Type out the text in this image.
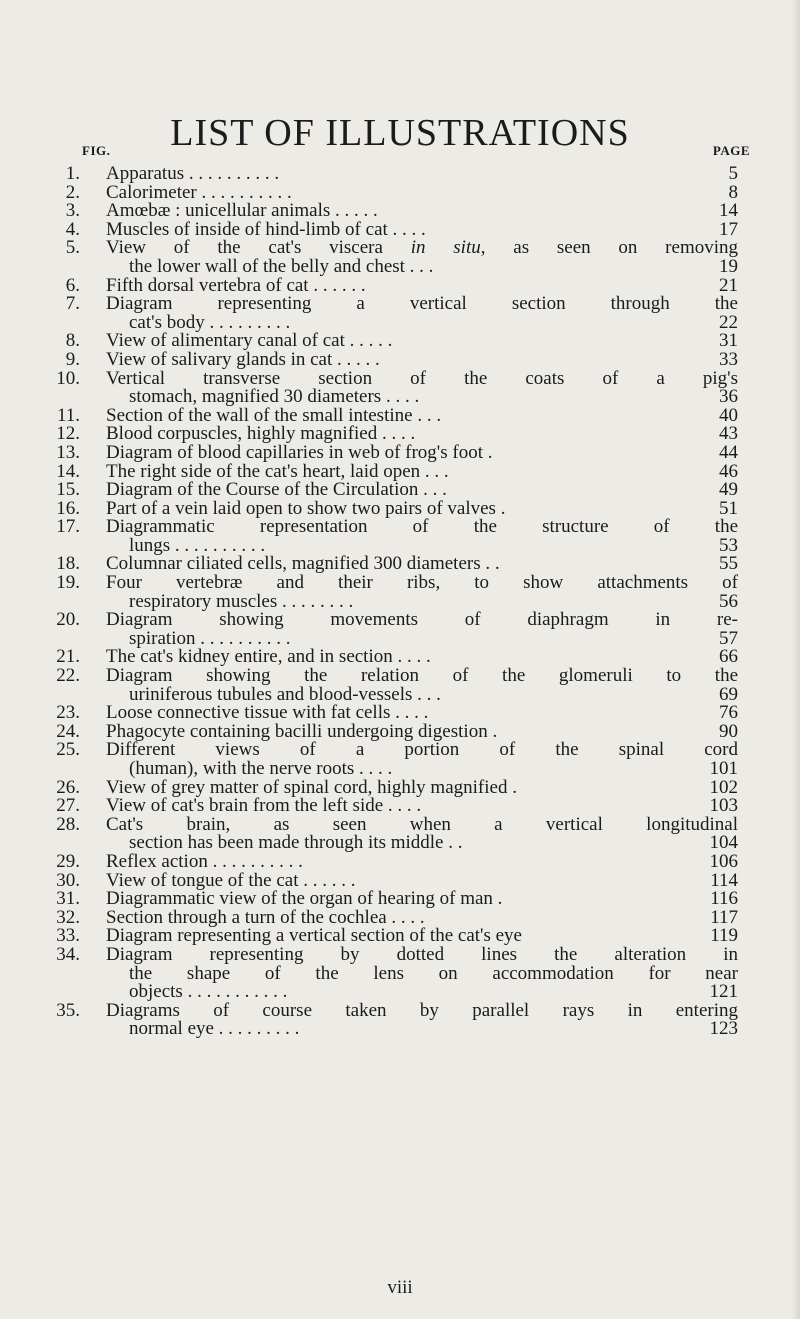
LIST OF ILLUSTRATIONS
FIG.	PAGE
1. Apparatus . . . . . . . . . .	5
2. Calorimeter . . . . . . . . . .	8
3. Amœbæ : unicellular animals . . . . .	14
4. Muscles of inside of hind-limb of cat . . . .	17
5. View of the cat's viscera in situ, as seen on removing
the lower wall of the belly and chest . . .	19
6. Fifth dorsal vertebra of cat . . . . . .	21
7. Diagram representing a vertical section through the
cat's body . . . . . . . . .	22
8. View of alimentary canal of cat . . . . .	31
9. View of salivary glands in cat . . . . .	33
10. Vertical transverse section of the coats of a pig's
stomach, magnified 30 diameters . . . .	36
11. Section of the wall of the small intestine . . .	40
12. Blood corpuscles, highly magnified . . . .	43
13. Diagram of blood capillaries in web of frog's foot .	44
14. The right side of the cat's heart, laid open . . .	46
15. Diagram of the Course of the Circulation . . .	49
16. Part of a vein laid open to show two pairs of valves .	51
17. Diagrammatic representation of the structure of the
lungs . . . . . . . . . .	53
18. Columnar ciliated cells, magnified 300 diameters . .	55
19. Four vertebræ and their ribs, to show attachments of
respiratory muscles . . . . . . . .	56
20. Diagram showing movements of diaphragm in re-
spiration . . . . . . . . . .	57
21. The cat's kidney entire, and in section . . . .	66
22. Diagram showing the relation of the glomeruli to the
uriniferous tubules and blood-vessels . . .	69
23. Loose connective tissue with fat cells . . . .	76
24. Phagocyte containing bacilli undergoing digestion .	90
25. Different views of a portion of the spinal cord
(human), with the nerve roots . . . .	101
26. View of grey matter of spinal cord, highly magnified .	102
27. View of cat's brain from the left side . . . .	103
28. Cat's brain, as seen when a vertical longitudinal
section has been made through its middle . .	104
29. Reflex action . . . . . . . . . .	106
30. View of tongue of the cat . . . . . .	114
31. Diagrammatic view of the organ of hearing of man .	116
32. Section through a turn of the cochlea . . . .	117
33. Diagram representing a vertical section of the cat's eye	119
34. Diagram representing by dotted lines the alteration in
the shape of the lens on accommodation for near
objects . . . . . . . . . . .	121
35. Diagrams of course taken by parallel rays in entering
normal eye . . . . . . . . .	123
viii
